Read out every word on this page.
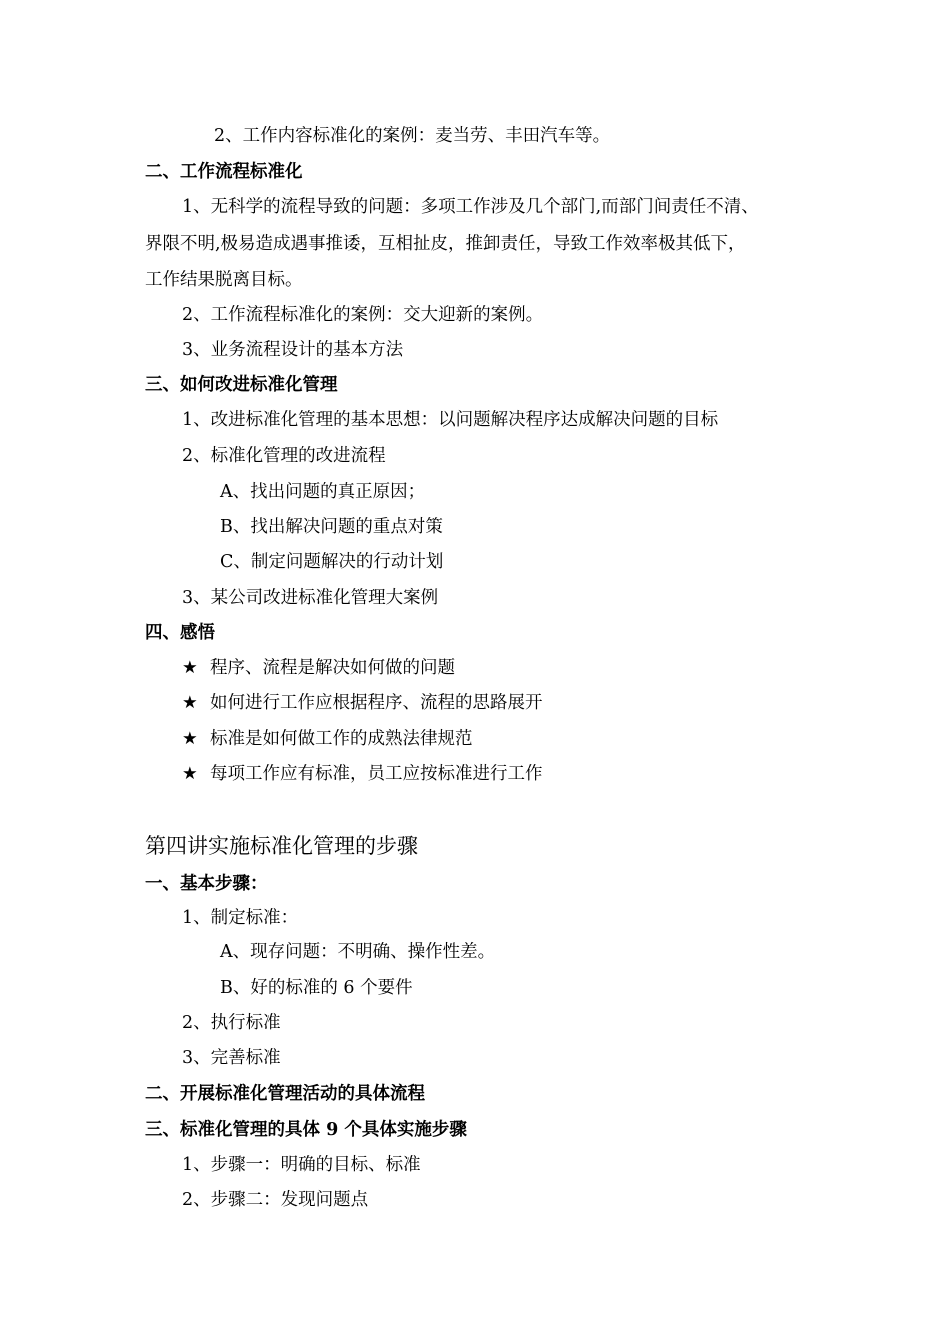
2、工作内容标准化的案例：麦当劳、丰田汽车等。
二、工作流程标准化
1、无科学的流程导致的问题：多项工作涉及几个部门,而部门间责任不清、
界限不明,极易造成遇事推诿，互相扯皮，推卸责任，导致工作效率极其低下，
工作结果脱离目标。
2、工作流程标准化的案例：交大迎新的案例。
3、业务流程设计的基本方法
三、如何改进标准化管理
1、改进标准化管理的基本思想：以问题解决程序达成解决问题的目标
2、标准化管理的改进流程
A、找出问题的真正原因；
B、找出解决问题的重点对策
C、制定问题解决的行动计划
3、某公司改进标准化管理大案例
四、感悟
★ 程序、流程是解决如何做的问题
★ 如何进行工作应根据程序、流程的思路展开
★ 标准是如何做工作的成熟法律规范
★ 每项工作应有标准，员工应按标准进行工作
第四讲实施标准化管理的步骤
一、基本步骤：
1、制定标准：
A、现存问题：不明确、操作性差。
B、好的标准的 6 个要件
2、执行标准
3、完善标准
二、开展标准化管理活动的具体流程
三、标准化管理的具体 9 个具体实施步骤
1、步骤一：明确的目标、标准
2、步骤二：发现问题点
